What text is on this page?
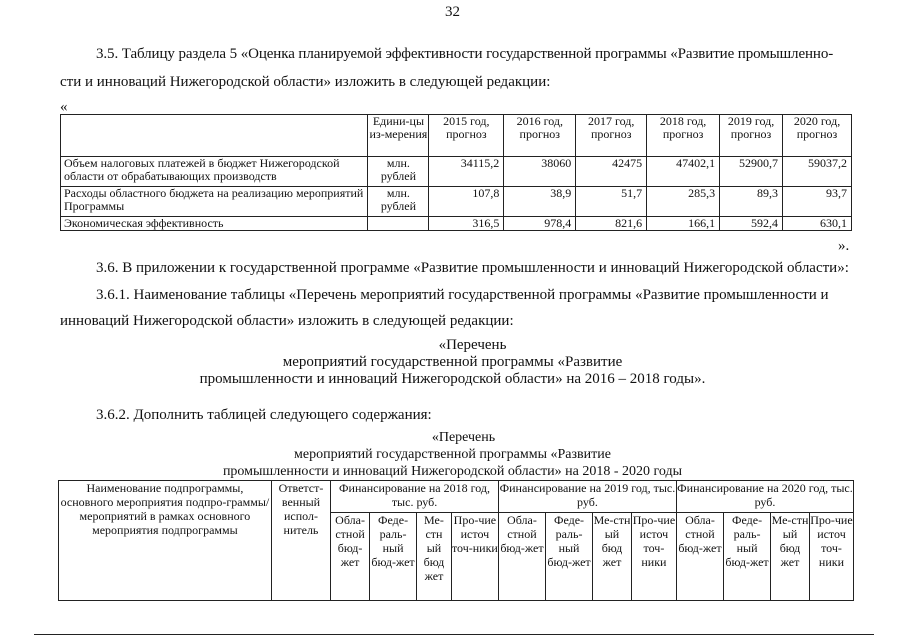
32
3.5. Таблицу раздела 5 «Оценка планируемой эффективности государственной программы «Развитие промышленно-
сти и инноваций Нижегородской области» изложить в следующей редакции:
«
	Едини-цы из-мерения	2015 год, прогноз	2016 год, прогноз	2017 год, прогноз	2018 год, прогноз	2019 год, прогноз	2020 год, прогноз
Объем налоговых платежей в бюджет Нижегородской области от обрабатывающих производств	млн. рублей	34115,2	38060	42475	47402,1	52900,7	59037,2
Расходы областного бюджета на реализацию мероприятий Программы	млн. рублей	107,8	38,9	51,7	285,3	89,3	93,7
Экономическая эффективность		316,5	978,4	821,6	166,1	592,4	630,1
».
3.6. В приложении к государственной программе «Развитие промышленности и инноваций Нижегородской области»:
3.6.1. Наименование таблицы «Перечень мероприятий государственной программы «Развитие промышленности и
инноваций Нижегородской области» изложить в следующей редакции:
«Перечень
мероприятий государственной программы «Развитие
промышленности и инноваций Нижегородской области» на 2016 – 2018 годы».
3.6.2. Дополнить таблицей следующего содержания:
«Перечень
мероприятий государственной программы «Развитие
промышленности и инноваций Нижегородской области» на 2018 - 2020 годы
Наименование подпрограммы, основного мероприятия подпро-граммы/мероприятий в рамках основного мероприятия подпрограммы	Ответст-венный испол-нитель	Финансирование на 2018 год, тыс. руб.				Финансирование на 2019 год, тыс. руб.				Финансирование на 2020 год, тыс. руб.			
		Обла-стной бюд-жет	Феде-раль-ный бюд-жет	Ме-стн ый бюд жет	Про-чие источ точ-ники	Обла-стной бюд-жет	Феде-раль-ный бюд-жет	Ме-стн ый бюд жет	Про-чие источ точ-ники	Обла-стной бюд-жет	Феде-раль-ный бюд-жет	Ме-стн ый бюд жет	Про-чие источ точ-ники
